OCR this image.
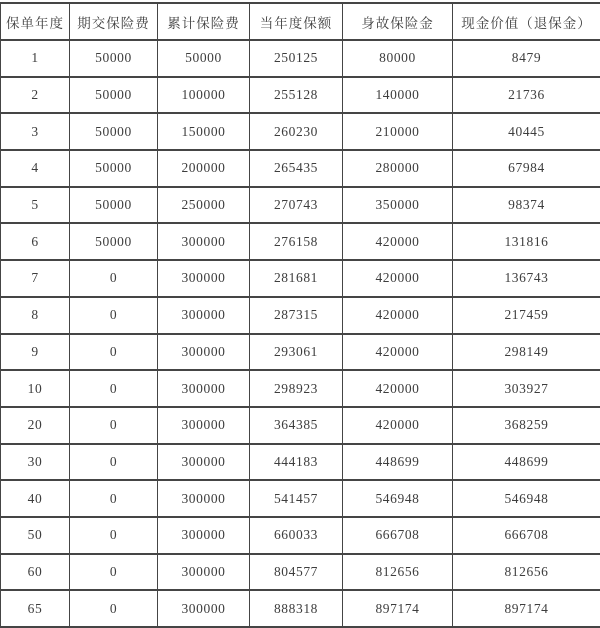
保单年度	期交保险费	累计保险费	当年度保额	身故保险金	现金价值（退保金）
1	50000	50000	250125	80000	8479
2	50000	100000	255128	140000	21736
3	50000	150000	260230	210000	40445
4	50000	200000	265435	280000	67984
5	50000	250000	270743	350000	98374
6	50000	300000	276158	420000	131816
7	0	300000	281681	420000	136743
8	0	300000	287315	420000	217459
9	0	300000	293061	420000	298149
10	0	300000	298923	420000	303927
20	0	300000	364385	420000	368259
30	0	300000	444183	448699	448699
40	0	300000	541457	546948	546948
50	0	300000	660033	666708	666708
60	0	300000	804577	812656	812656
65	0	300000	888318	897174	897174
